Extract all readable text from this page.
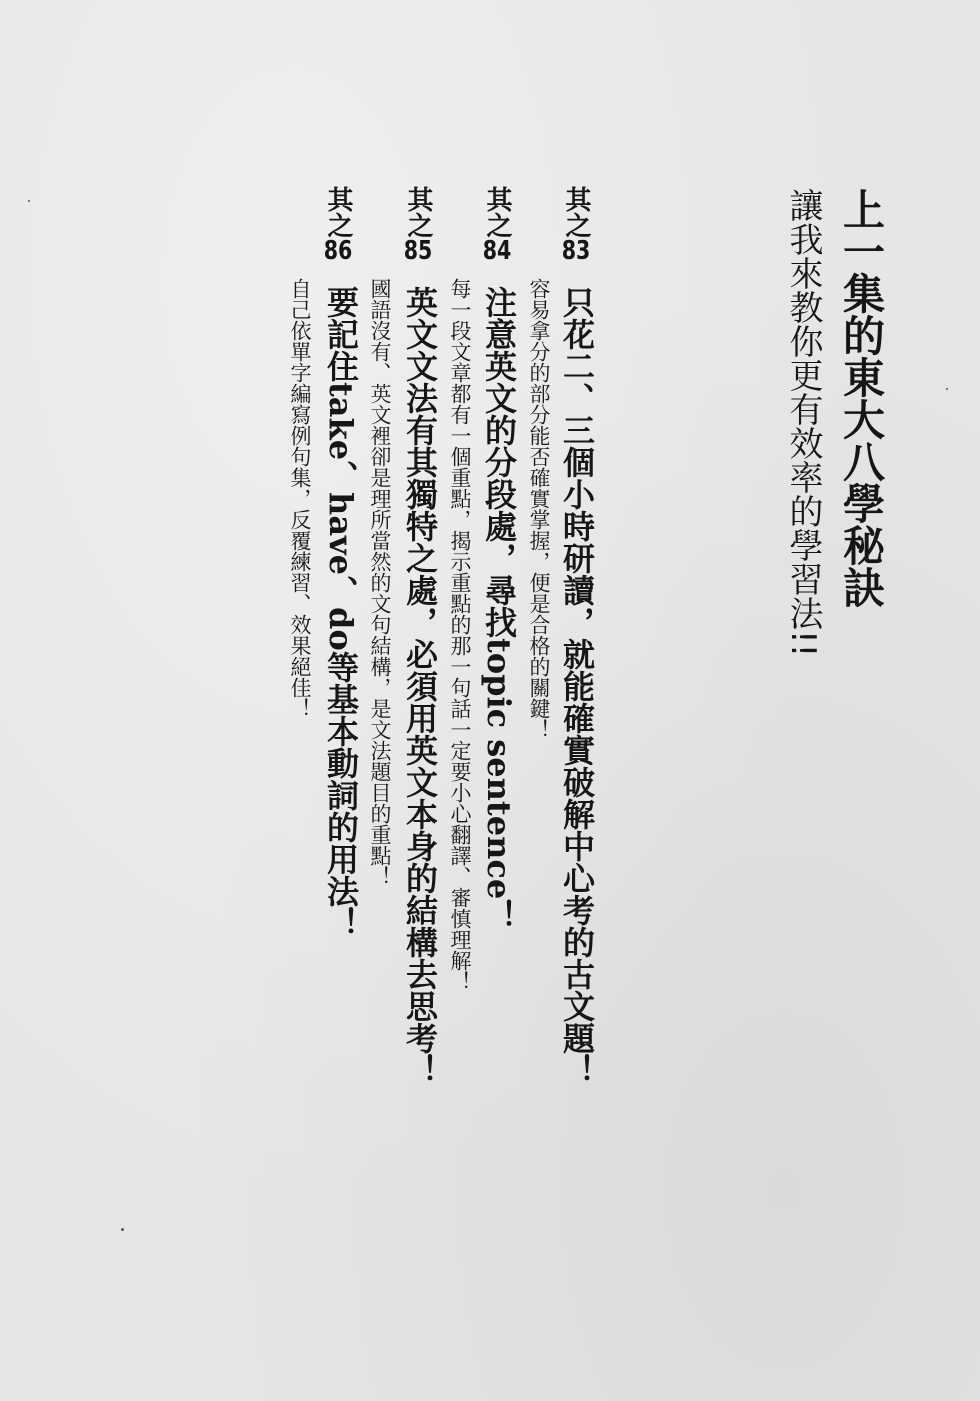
上一集的東大八學秘訣
讓我來教你更有效率的學習法!!
其之83
只花二、三個小時研讀，就能確實破解中心考的古文題！
容易拿分的部分能否確實掌握，便是合格的關鍵！
其之84
注意英文的分段處，尋找topic sentence！
每一段文章都有一個重點，揭示重點的那一句話一定要小心翻譯、審慎理解！
其之85
英文文法有其獨特之處，必須用英文本身的結構去思考！
國語沒有、英文裡卻是理所當然的文句結構，是文法題目的重點！
其之86
要記住take、have、do等基本動詞的用法！
自己依單字編寫例句集，反覆練習、效果絕佳！
